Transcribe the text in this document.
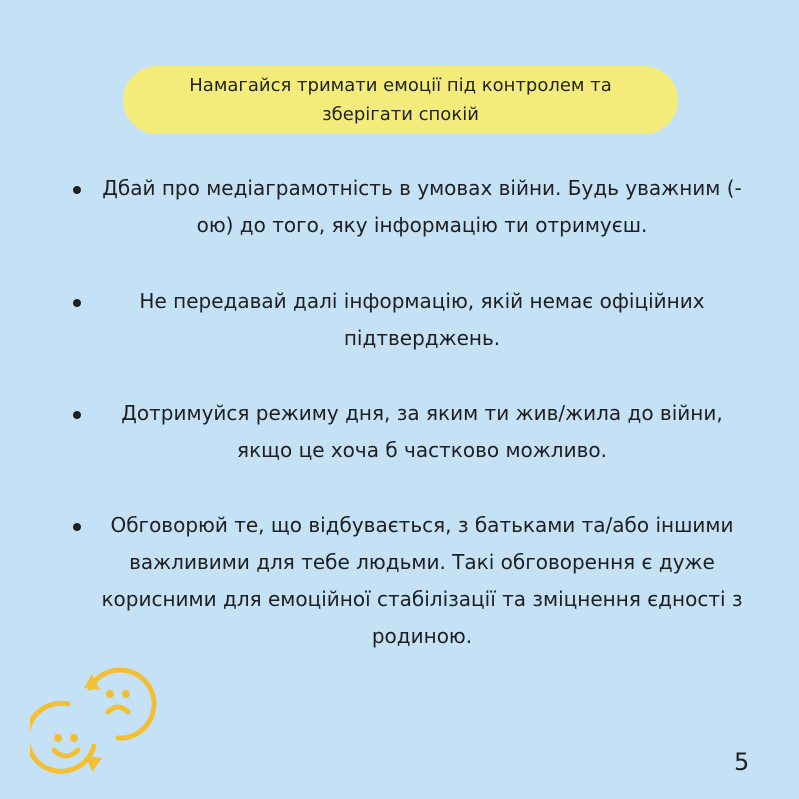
Намагайся тримати емоції під контролем та зберігати спокій
Дбай про медіаграмотність в умовах війни. Будь уважним (-ою) до того, яку інформацію ти отримуєш.
Не передавай далі інформацію, якій немає офіційних підтверджень.
Дотримуйся режиму дня, за яким ти жив/жила до війни, якщо це хоча б частково можливо.
Обговорюй те, що відбувається, з батьками та/або іншими важливими для тебе людьми. Такі обговорення є дуже корисними для емоційної стабілізації та зміцнення єдності з родиною.
5
